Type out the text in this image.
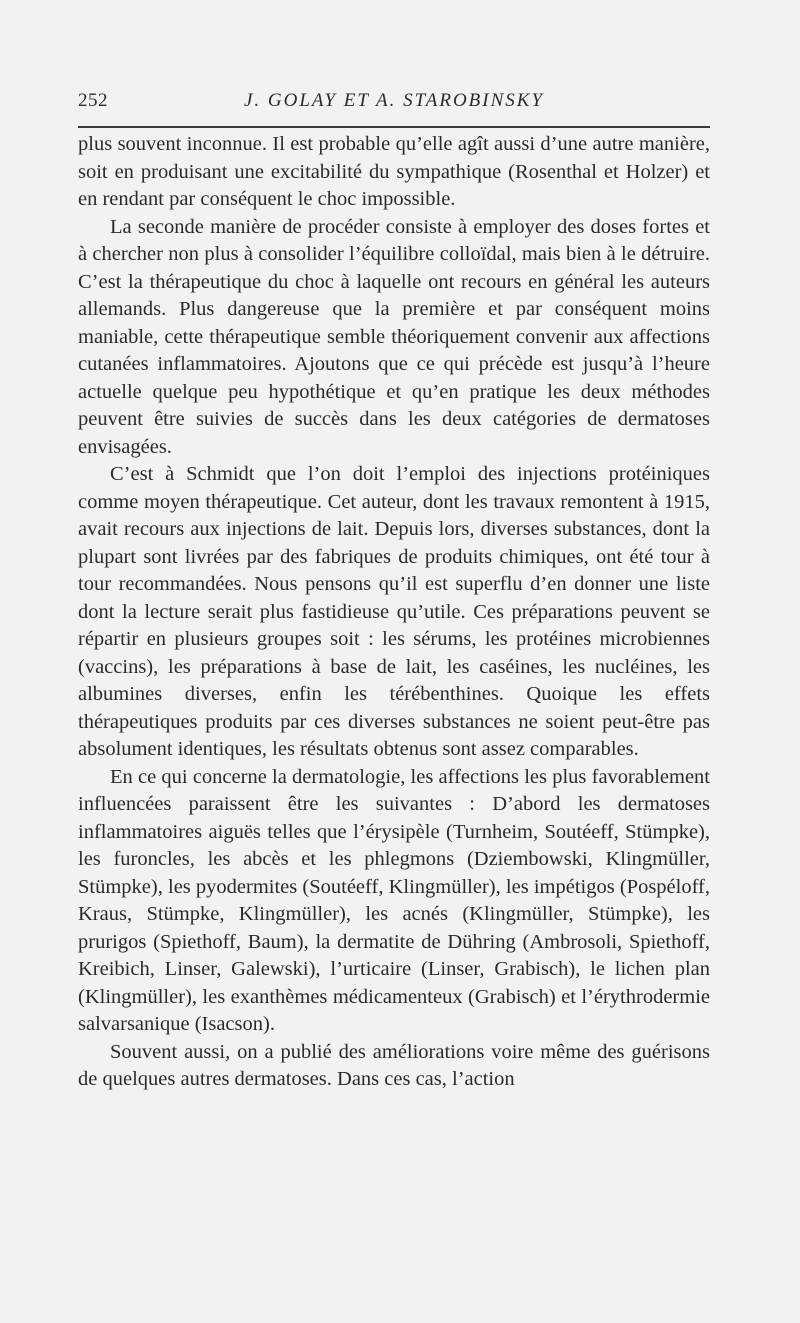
252	J. GOLAY ET A. STAROBINSKY

plus souvent inconnue. Il est probable qu’elle agît aussi d’une autre manière, soit en produisant une excitabilité du sympathique (Rosenthal et Holzer) et en rendant par conséquent le choc impossible.

La seconde manière de procéder consiste à employer des doses fortes et à chercher non plus à consolider l’équilibre colloïdal, mais bien à le détruire. C’est la thérapeutique du choc à laquelle ont recours en général les auteurs allemands. Plus dangereuse que la première et par conséquent moins maniable, cette thérapeutique semble théoriquement convenir aux affections cutanées inflammatoires. Ajoutons que ce qui précède est jusqu’à l’heure actuelle quelque peu hypothétique et qu’en pratique les deux méthodes peuvent être suivies de succès dans les deux catégories de dermatoses envisagées.

C’est à Schmidt que l’on doit l’emploi des injections protéiniques comme moyen thérapeutique. Cet auteur, dont les travaux remontent à 1915, avait recours aux injections de lait. Depuis lors, diverses substances, dont la plupart sont livrées par des fabriques de produits chimiques, ont été tour à tour recommandées. Nous pensons qu’il est superflu d’en donner une liste dont la lecture serait plus fastidieuse qu’utile. Ces préparations peuvent se répartir en plusieurs groupes soit : les sérums, les protéines microbiennes (vaccins), les préparations à base de lait, les caséines, les nucléines, les albumines diverses, enfin les térébenthines. Quoique les effets thérapeutiques produits par ces diverses substances ne soient peut-être pas absolument identiques, les résultats obtenus sont assez comparables.

En ce qui concerne la dermatologie, les affections les plus favorablement influencées paraissent être les suivantes : D’abord les dermatoses inflammatoires aiguës telles que l’érysipèle (Turnheim, Soutéeff, Stümpke), les furoncles, les abcès et les phlegmons (Dziembowski, Klingmüller, Stümpke), les pyodermites (Soutéeff, Klingmüller), les impétigos (Pospéloff, Kraus, Stümpke, Klingmüller), les acnés (Klingmüller, Stümpke), les prurigos (Spiethoff, Baum), la dermatite de Dühring (Ambrosoli, Spiethoff, Kreibich, Linser, Galewski), l’urticaire (Linser, Grabisch), le lichen plan (Klingmüller), les exanthèmes médicamenteux (Grabisch) et l’érythrodermie salvarsanique (Isacson).

Souvent aussi, on a publié des améliorations voire même des guérisons de quelques autres dermatoses. Dans ces cas, l’action
